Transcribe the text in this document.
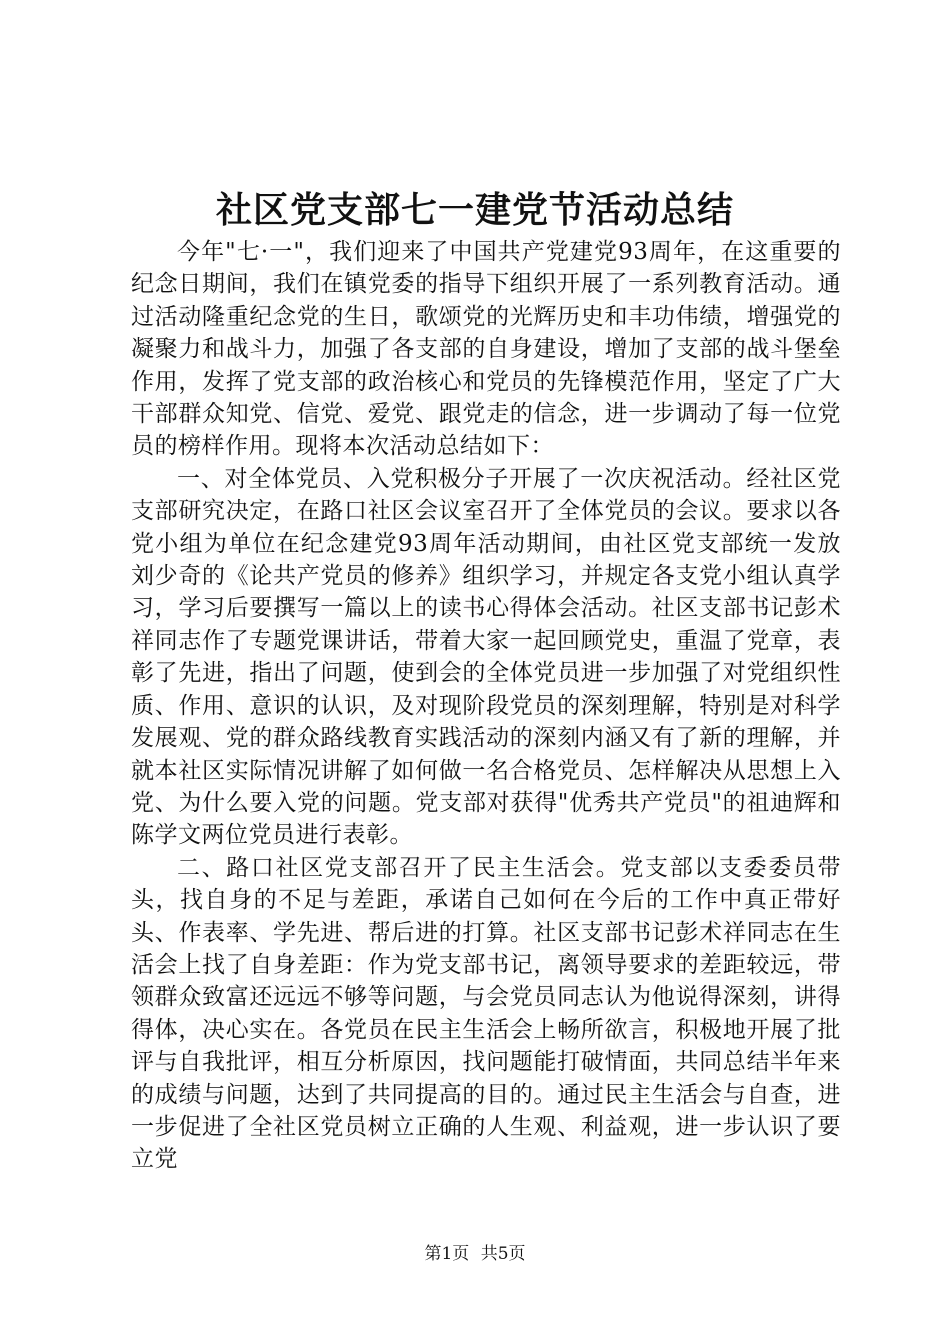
社区党支部七一建党节活动总结

今年"七·一"，我们迎来了中国共产党建党93周年，在这重要的纪念日期间，我们在镇党委的指导下组织开展了一系列教育活动。通过活动隆重纪念党的生日，歌颂党的光辉历史和丰功伟绩，增强党的凝聚力和战斗力，加强了各支部的自身建设，增加了支部的战斗堡垒作用，发挥了党支部的政治核心和党员的先锋模范作用，坚定了广大干部群众知党、信党、爱党、跟党走的信念，进一步调动了每一位党员的榜样作用。现将本次活动总结如下：

一、对全体党员、入党积极分子开展了一次庆祝活动。经社区党支部研究决定，在路口社区会议室召开了全体党员的会议。要求以各党小组为单位在纪念建党93周年活动期间，由社区党支部统一发放刘少奇的《论共产党员的修养》组织学习，并规定各支党小组认真学习，学习后要撰写一篇以上的读书心得体会活动。社区支部书记彭术祥同志作了专题党课讲话，带着大家一起回顾党史，重温了党章，表彰了先进，指出了问题，使到会的全体党员进一步加强了对党组织性质、作用、意识的认识，及对现阶段党员的深刻理解，特别是对科学发展观、党的群众路线教育实践活动的深刻内涵又有了新的理解，并就本社区实际情况讲解了如何做一名合格党员、怎样解决从思想上入党、为什么要入党的问题。党支部对获得"优秀共产党员"的祖迪辉和陈学文两位党员进行表彰。

二、路口社区党支部召开了民主生活会。党支部以支委委员带头，找自身的不足与差距，承诺自己如何在今后的工作中真正带好头、作表率、学先进、帮后进的打算。社区支部书记彭术祥同志在生活会上找了自身差距：作为党支部书记，离领导要求的差距较远，带领群众致富还远远不够等问题，与会党员同志认为他说得深刻，讲得得体，决心实在。各党员在民主生活会上畅所欲言，积极地开展了批评与自我批评，相互分析原因，找问题能打破情面，共同总结半年来的成绩与问题，达到了共同提高的目的。通过民主生活会与自查，进一步促进了全社区党员树立正确的人生观、利益观，进一步认识了要立党

第1页 共5页
